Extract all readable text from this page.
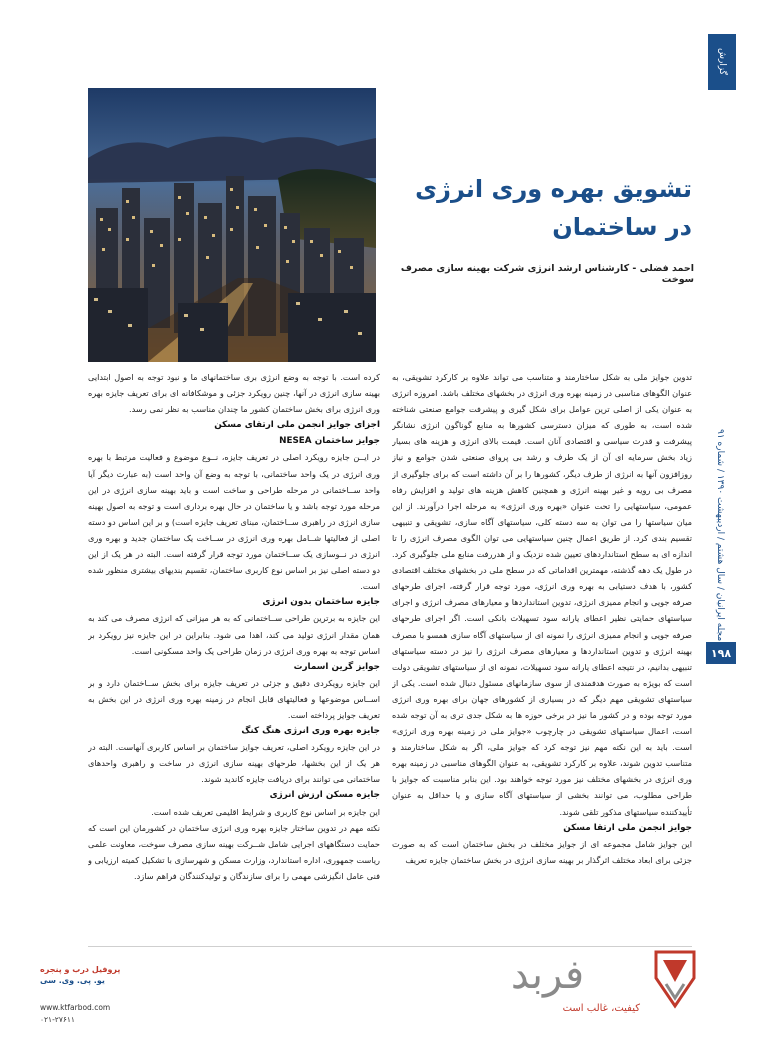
گزارش
مجله ایرانیان / سال هشتم / اردیبهشت ۱۳۹۰ / شماره ۹۱
۱۹۸
تشویق بهره وری انرژی
در ساختمان
احمد فضلی - کارشناس ارشد انرژی شرکت بهینه سازی مصرف سوخت

تدوین جوایز ملی به شکل ساختارمند و متناسب می تواند علاوه بر کارکرد تشویقی، به عنوان الگوهای مناسبی در زمینه بهره وری انرژی در بخشهای مختلف باشد. امروزه انرژی به عنوان یکی از اصلی ترین عوامل برای شکل گیری و پیشرفت جوامع صنعتی شناخته شده است، به طوری که میزان دسترسی کشورها به منابع گوناگون انرژی نشانگر پیشرفت و قدرت سیاسی و اقتصادی آنان است. قیمت بالای انرژی و هزینه های بسیار زیاد بخش سرمایه ای آن از یک طرف و رشد بی پروای صنعتی شدن جوامع و نیاز روزافزون آنها به انرژی از طرف دیگر، کشورها را بر آن داشته است که برای جلوگیری از مصرف بی رویه و غیر بهینه انرژی و همچنین کاهش هزینه های تولید و افزایش رفاه عمومی، سیاستهایی را تحت عنوان «بهره وری انرژی» به مرحله اجرا درآورند. از این میان سیاستها را می توان به سه دسته کلی، سیاستهای آگاه سازی، تشویقی و تنبیهی تقسیم بندی کرد. از طریق اعمال چنین سیاستهایی می توان الگوی مصرف انرژی را تا اندازه ای به سطح استانداردهای تعیین شده نزدیک و از هدررفت منابع ملی جلوگیری کرد. در طول یک دهه گذشته، مهمترین اقداماتی که در سطح ملی در بخشهای مختلف اقتصادی کشور، با هدف دستیابی به بهره وری انرژی، مورد توجه قرار گرفته، اجرای طرحهای صرفه جویی و انجام ممیزی انرژی، تدوین استانداردها و معیارهای مصرف انرژی و اجرای سیاستهای حمایتی نظیر اعطای یارانه سود تسهیلات بانکی است. اگر اجرای طرحهای صرفه جویی و انجام ممیزی انرژی را نمونه ای از سیاستهای آگاه سازی همسو با مصرف بهینه انرژی و تدوین استانداردها و معیارهای مصرف انرژی را نیز در دسته سیاستهای تنبیهی بدانیم، در نتیجه اعطای یارانه سود تسهیلات، نمونه ای از سیاستهای تشویقی دولت است که بویژه به صورت هدفمندی از سوی سازمانهای مسئول دنبال شده است. یکی از سیاستهای تشویقی مهم دیگر که در بسیاری از کشورهای جهان برای بهره وری انرژی مورد توجه بوده و در کشور ما نیز در برخی حوزه ها به شکل جدی تری به آن توجه شده است، اعمال سیاستهای تشویقی در چارچوب «جوایز ملی در زمینه بهره وری انرژی» است. باید به این نکته مهم نیز توجه کرد که جوایز ملی، اگر به شکل ساختارمند و متناسب تدوین شوند، علاوه بر کارکرد تشویقی، به عنوان الگوهای مناسبی در زمینه بهره وری انرژی در بخشهای مختلف نیز مورد توجه خواهند بود. این بنابر مناسبت که جوایز با طراحی مطلوب، می توانند بخشی از سیاستهای آگاه سازی و یا حداقل به عنوان تأییدکننده سیاستهای مذکور تلقی شوند.

جوایز انجمن ملی ارتقا مسکن

این جوایز شامل مجموعه ای از جوایز مختلف در بخش ساختمان است که به صورت جزئی برای ابعاد مختلف اثرگذار بر بهینه سازی انرژی در بخش ساختمان جایزه تعریف

کرده است. با توجه به وضع انرژی بری ساختمانهای ما و نبود توجه به اصول ابتدایی بهینه سازی انرژی در آنها، چنین رویکرد جزئی و موشکافانه ای برای تعریف جایزه بهره وری انرژی برای بخش ساختمان کشور ما چندان مناسب به نظر نمی رسد.

اجزای جوایز انجمن ملی ارتقای مسکن
جوایز ساختمان NESEA

در ایــن جایزه رویکرد اصلی در تعریف جایزه، نــوع موضوع و فعالیت مرتبط با بهره وری انرژی در یک واحد ساختمانی، با توجه به وضع آن واحد است (به عبارت دیگر آیا واحد ســاختمانی در مرحله طراحی و ساخت است و باید بهینه سازی انرژی در این مرحله مورد توجه باشد و یا ساختمان در حال بهره برداری است و توجه به اصول بهینه سازی انرژی در راهبری ســاختمان، مبنای تعریف جایزه است) و بر این اساس دو دسته اصلی از فعالیتها شــامل بهره وری انرژی در ســاخت یک ساختمان جدید و بهره وری انرژی در نــوسازی یک ســاختمان مورد توجه قرار گرفته است. البته در هر یک از این دو دسته اصلی نیز بر اساس نوع کاربری ساختمان، تقسیم بندیهای بیشتری منظور شده است.

جایزه ساختمان بدون انرژی

این جایزه به برترین طراحی ســاختمانی که به هر میزانی که انرژی مصرف می کند به همان مقدار انرژی تولید می کند، اهدا می شود. بنابراین در این جایزه نیز رویکرد بر اساس توجه به بهره وری انرژی در زمان طراحی یک واحد مسکونی است.

جوایز گرین اسمارت

این جایزه رویکردی دقیق و جزئی در تعریف جایزه برای بخش ســاختمان دارد و بر اســاس موضوعها و فعالیتهای قابل انجام در زمینه بهره وری انرژی در این بخش به تعریف جوایز پرداخته است.

جایزه بهره وری انرژی هنگ کنگ

در این جایزه رویکرد اصلی، تعریف جوایز ساختمان بر اساس کاربری آنهاست. البته در هر یک از این بخشها، طرحهای بهینه سازی انرژی در ساخت و راهبری واحدهای ساختمانی می توانند برای دریافت جایزه کاندید شوند.

جایزه مسکن ارزش انرژی

این جایزه بر اساس نوع کاربری و شرایط اقلیمی تعریف شده است.

نکته مهم در تدوین ساختار جایزه بهره وری انرژی ساختمان در کشورمان این است که حمایت دستگاههای اجرایی شامل شــرکت بهینه سازی مصرف سوخت، معاونت علمی ریاست جمهوری، اداره استاندارد، وزارت مسکن و شهرسازی با تشکیل کمیته ارزیابی و فنی عامل انگیزشی مهمی را برای سازندگان و تولیدکنندگان فراهم سازد.

پروفیل درب و پنجره
یو. پی. وی. سی
www.ktfarbod.com
۰۲۱-۲۷۶۱۱
فربد
کیفیت، غالب است
